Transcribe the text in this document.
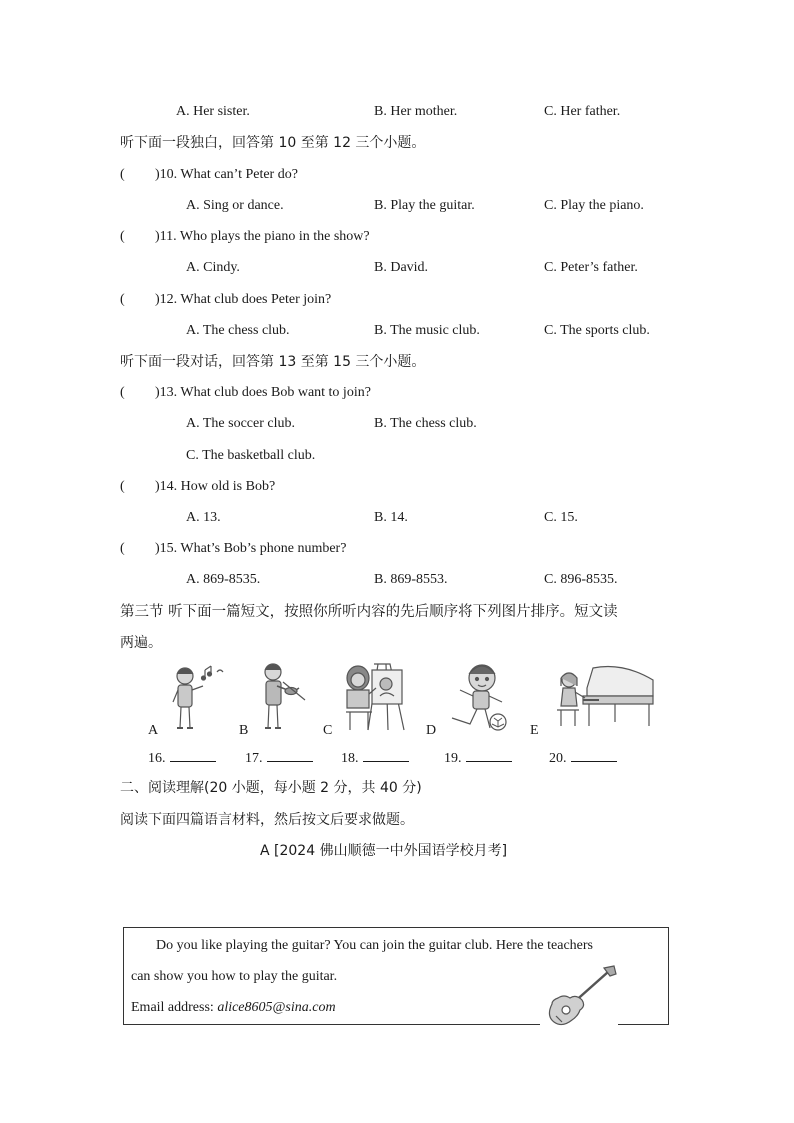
A. Her sister.	B. Her mother.	C. Her father.
听下面一段独白，回答第 10 至第 12 三个小题。
( )10. What can’t Peter do?
A. Sing or dance.	B. Play the guitar.	C. Play the piano.
( )11. Who plays the piano in the show?
A. Cindy.	B. David.	C. Peter’s father.
( )12. What club does Peter join?
A. The chess club.	B. The music club.	C. The sports club.
听下面一段对话，回答第 13 至第 15 三个小题。
( )13. What club does Bob want to join?
A. The soccer club.	B. The chess club.
C. The basketball club.
( )14. How old is Bob?
A. 13.	B. 14.	C. 15.
( )15. What’s Bob’s phone number?
A. 869-8535.	B. 869-8553.	C. 896-8535.
第三节 听下面一篇短文，按照你所听内容的先后顺序将下列图片排序。短文读
两遍。
A	B	C	D	E
16.	17.	18.	19.	20.
二、阅读理解(20 小题，每小题 2 分，共 40 分)
阅读下面四篇语言材料，然后按文后要求做题。
A [2024 佛山顺德一中外国语学校月考]
Do you like playing the guitar? You can join the guitar club. Here the teachers
can show you how to play the guitar.
Email address: alice8605@sina.com
